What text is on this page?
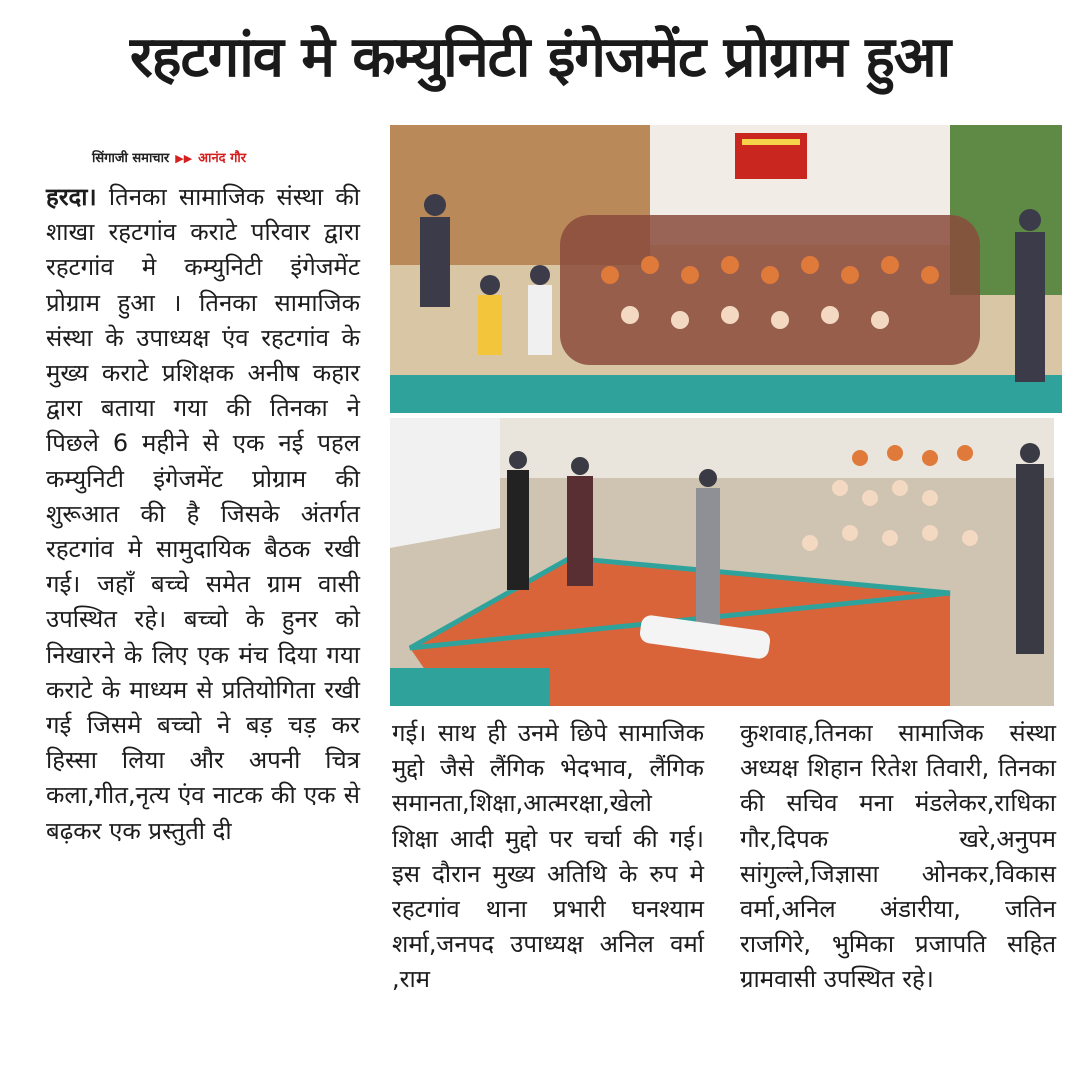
रहटगांव मे कम्युनिटी इंगेजमेंट प्रोग्राम हुआ
सिंगाजी समाचार ▶▶ आनंद गौर
हरदा। तिनका सामाजिक संस्था की शाखा रहटगांव कराटे परिवार द्वारा रहटगांव मे कम्युनिटी इंगेजमेंट प्रोग्राम हुआ । तिनका सामाजिक संस्था के उपाध्यक्ष एंव रहटगांव के मुख्य कराटे प्रशिक्षक अनीष कहार द्वारा बताया गया की तिनका ने पिछले 6 महीने से एक नई पहल कम्युनिटी इंगेजमेंट प्रोग्राम की शुरूआत की है जिसके अंतर्गत रहटगांव मे सामुदायिक बैठक रखी गई। जहाँ बच्चे समेत ग्राम वासी उपस्थित रहे। बच्चो के हुनर को निखारने के लिए एक मंच दिया गया कराटे के माध्यम से प्रतियोगिता रखी गई जिसमे बच्चो ने बड़ चड़ कर हिस्सा लिया और अपनी चित्र कला,गीत,नृत्य एंव नाटक की एक से बढ़कर एक प्रस्तुती दी
गई। साथ ही उनमे छिपे सामाजिक मुद्दो जैसे लैंगिक भेदभाव, लैंगिक समानता,शिक्षा,आत्मरक्षा,खेलो शिक्षा आदी मुद्दो पर चर्चा की गई। इस दौरान मुख्य अतिथि के रुप मे रहटगांव थाना प्रभारी घनश्याम शर्मा,जनपद उपाध्यक्ष अनिल वर्मा ,राम
कुशवाह,तिनका सामाजिक संस्था अध्यक्ष शिहान रितेश तिवारी, तिनका की सचिव मना मंडलेकर,राधिका गौर,दिपक खरे,अनुपम सांगुल्ले,जिज्ञासा ओनकर,विकास वर्मा,अनिल अंडारीया, जतिन राजगिरे, भुमिका प्रजापति सहित ग्रामवासी उपस्थित रहे।
